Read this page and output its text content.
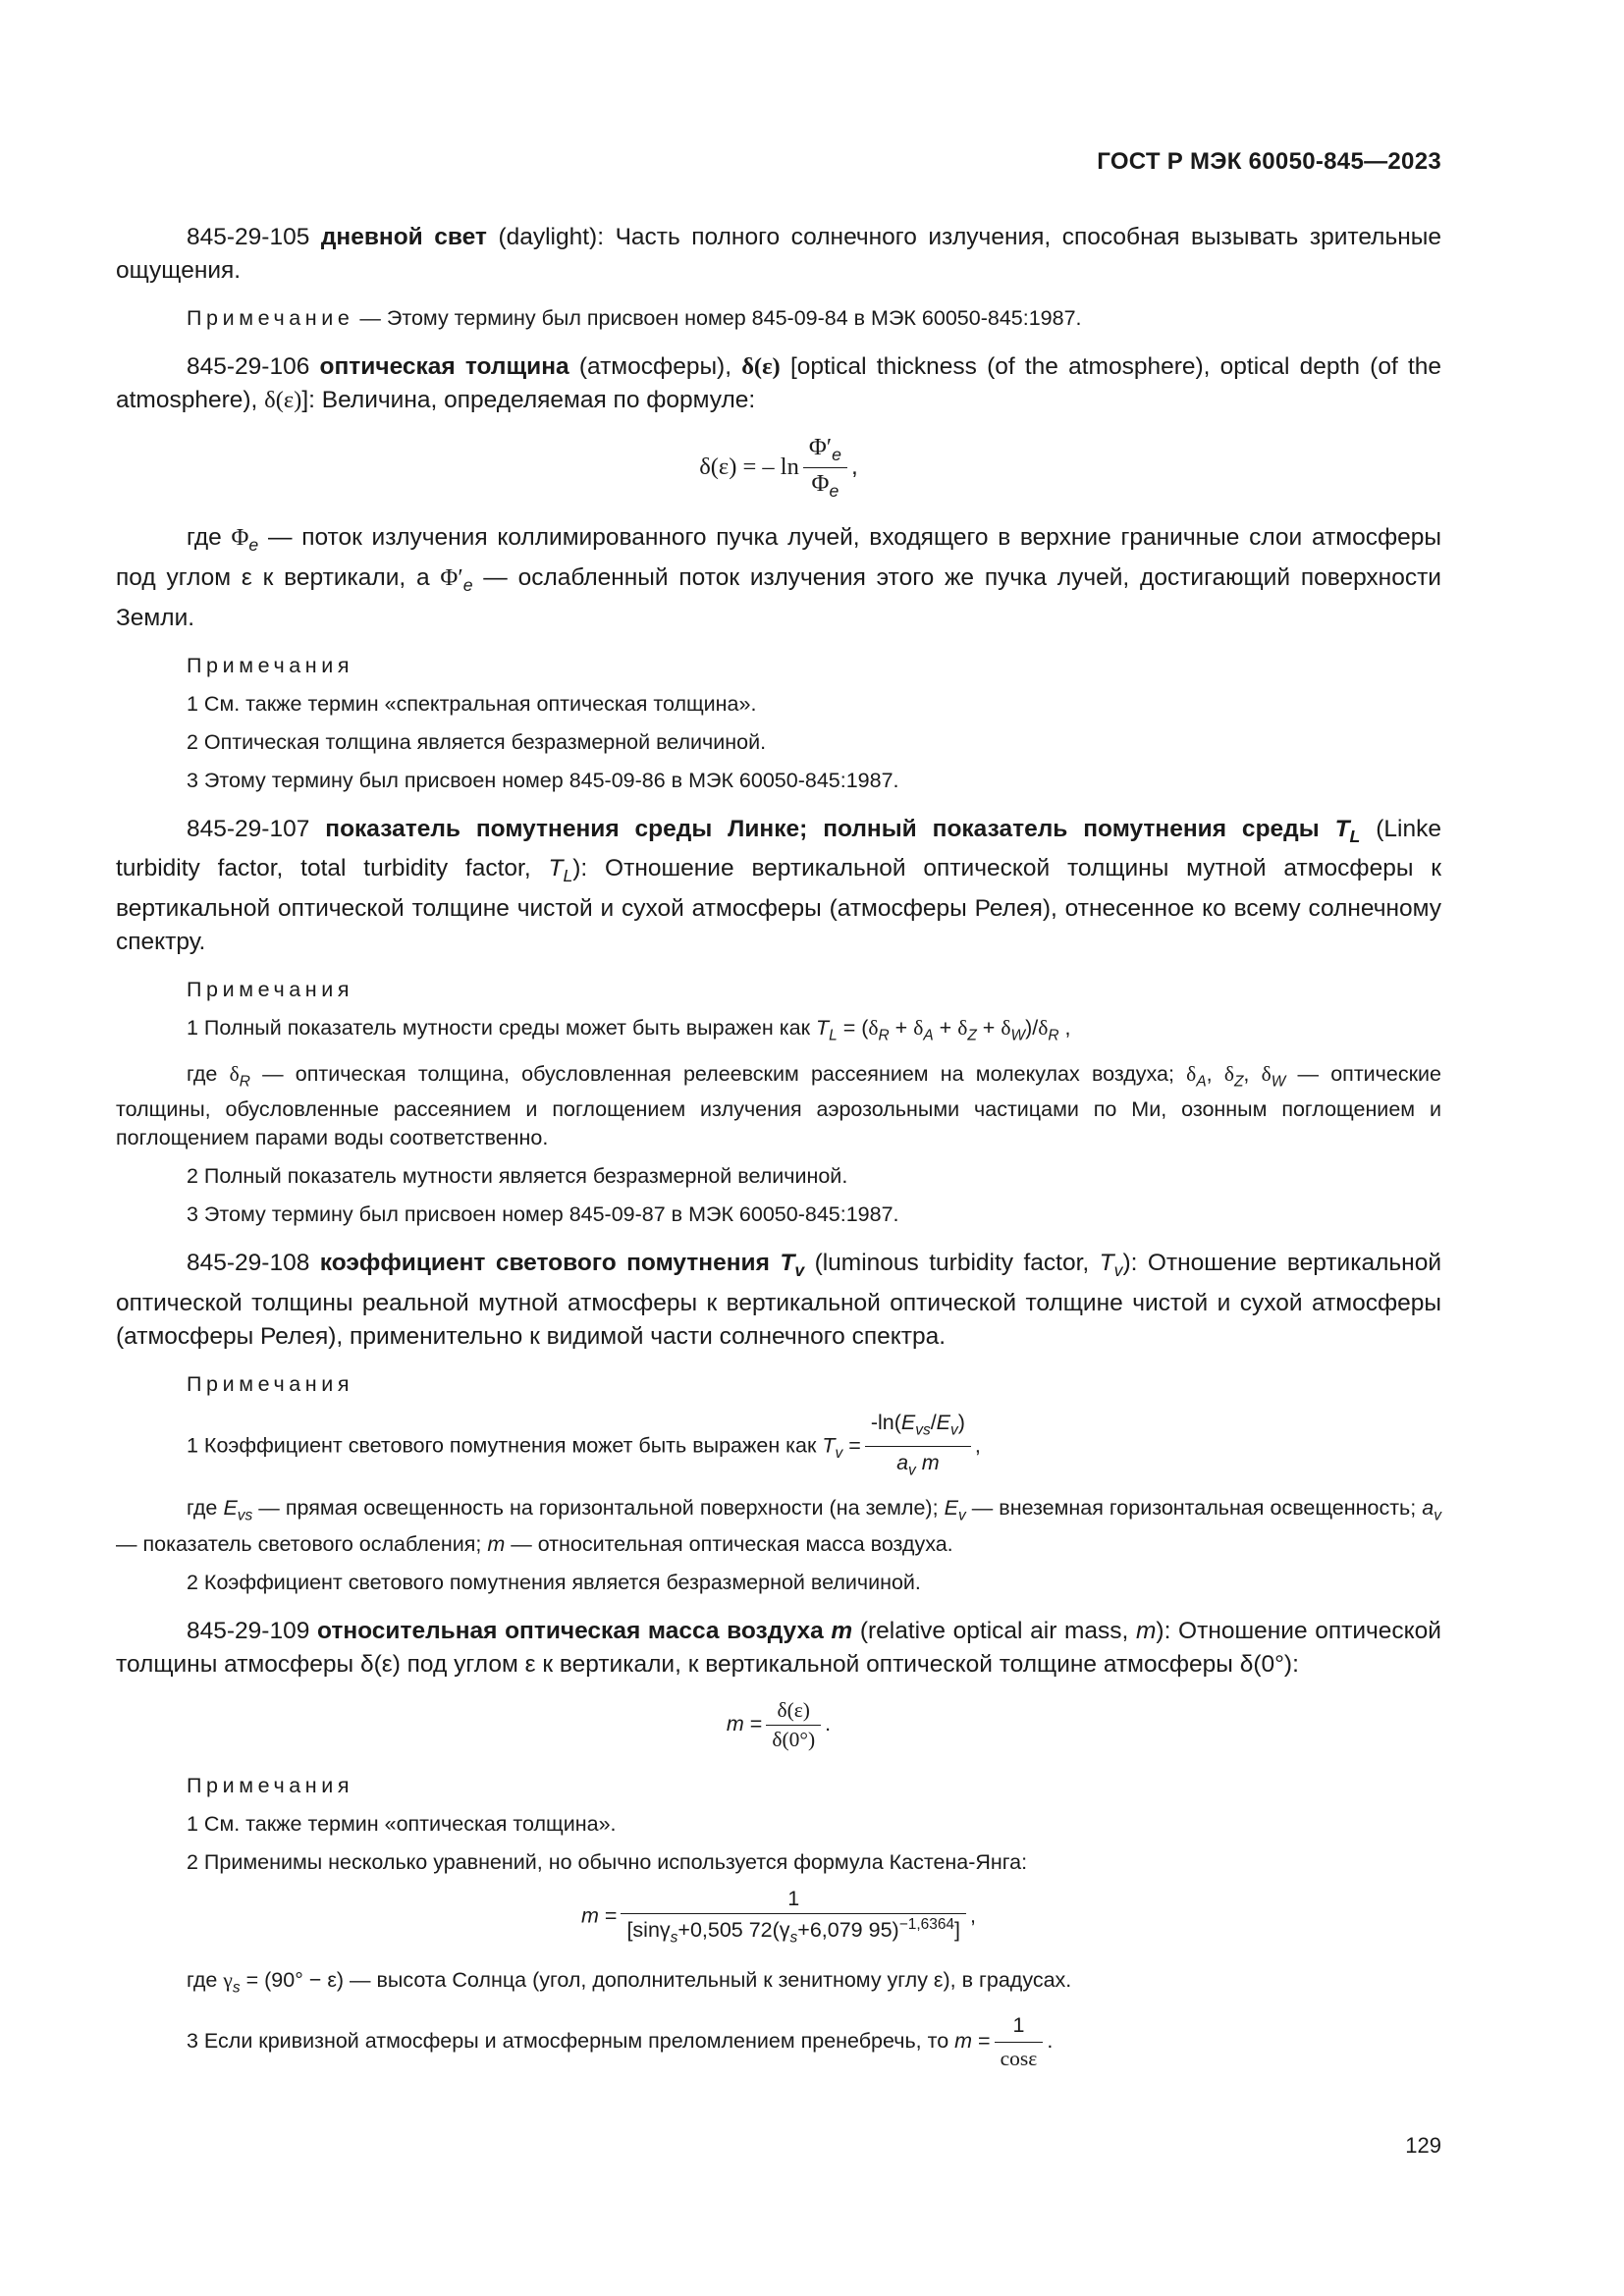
ГОСТ Р МЭК 60050-845—2023

845-29-105 дневной свет (daylight): Часть полного солнечного излучения, способная вызывать зрительные ощущения.

Примечание — Этому термину был присвоен номер 845-09-84 в МЭК 60050-845:1987.

845-29-106 оптическая толщина (атмосферы), δ(ε) [optical thickness (of the atmosphere), optical depth (of the atmosphere), δ(ε)]: Величина, определяемая по формуле:

δ(ε) = – $\ln \frac{\Phi'_e}{\Phi_e}$ ,

где $\Phi_e$ — поток излучения коллимированного пучка лучей, входящего в верхние граничные слои атмосферы под углом ε к вертикали, а $\Phi'_e$ — ослабленный поток излучения этого же пучка лучей, достигающий поверхности Земли.

Примечания

1 См. также термин «спектральная оптическая толщина».

2 Оптическая толщина является безразмерной величиной.

3 Этому термину был присвоен номер 845-09-86 в МЭК 60050-845:1987.

845-29-107 показатель помутнения среды Линке; полный показатель помутнения среды $T_L$ (Linke turbidity factor, total turbidity factor, $T_L$): Отношение вертикальной оптической толщины мутной атмосферы к вертикальной оптической толщине чистой и сухой атмосферы (атмосферы Релея), отнесенное ко всему солнечному спектру.

Примечания

1 Полный показатель мутности среды может быть выражен как $T_L = (\delta_R + \delta_A + \delta_Z + \delta_W)/\delta_R$ ,

где $\delta_R$ — оптическая толщина, обусловленная релеевским рассеянием на молекулах воздуха; $\delta_A$, $\delta_Z$, $\delta_W$ — оптические толщины, обусловленные рассеянием и поглощением излучения аэрозольными частицами по Ми, озонным поглощением и поглощением парами воды соответственно.

2 Полный показатель мутности является безразмерной величиной.

3 Этому термину был присвоен номер 845-09-87 в МЭК 60050-845:1987.

845-29-108 коэффициент светового помутнения $T_v$ (luminous turbidity factor, $T_v$): Отношение вертикальной оптической толщины реальной мутной атмосферы к вертикальной оптической толщине чистой и сухой атмосферы (атмосферы Релея), применительно к видимой части солнечного спектра.

Примечания

1 Коэффициент светового помутнения может быть выражен как $T_v = \frac{-\ln(E_{vs}/E_v)}{a_v m}$ ,

где $E_{vs}$ — прямая освещенность на горизонтальной поверхности (на земле); $E_v$ — внеземная горизонтальная освещенность; $a_v$ — показатель светового ослабления; m — относительная оптическая масса воздуха.

2 Коэффициент светового помутнения является безразмерной величиной.

845-29-109 относительная оптическая масса воздуха m (relative optical air mass, m): Отношение оптической толщины атмосферы δ(ε) под углом ε к вертикали, к вертикальной оптической толщине атмосферы δ(0°):

$m = \frac{\delta(\varepsilon)}{\delta(0^\circ)}$ .

Примечания

1 См. также термин «оптическая толщина».

2 Применимы несколько уравнений, но обычно используется формула Кастена-Янга:

$m = \frac{1}{[\sin\gamma_s+0,505 72(\gamma_s+6,079 95)^{-1,6364}]}$ ,

где $\gamma_s = (90^\circ - \varepsilon)$ — высота Солнца (угол, дополнительный к зенитному углу ε), в градусах.

3 Если кривизной атмосферы и атмосферным преломлением пренебречь, то $m = \frac{1}{\cos\varepsilon}$ .

129
